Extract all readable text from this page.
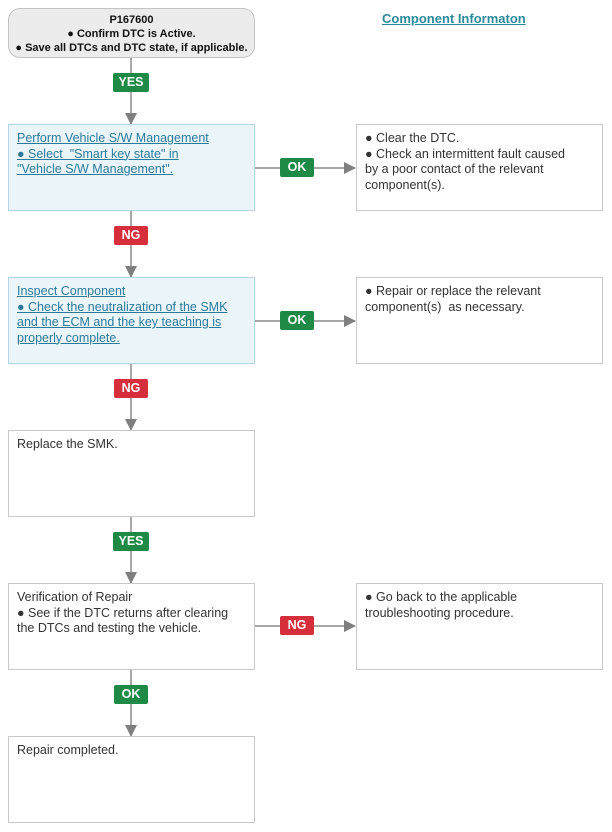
P167600
● Confirm DTC is Active.
● Save all DTCs and DTC state, if applicable.
Component Informaton
Perform Vehicle S/W Management
● Select  "Smart key state" in
"Vehicle S/W Management".
● Clear the DTC.
● Check an intermittent fault caused
by a poor contact of the relevant
component(s).
Inspect Component
● Check the neutralization of the SMK
and the ECM and the key teaching is
properly complete.
● Repair or replace the relevant
component(s)  as necessary.
Replace the SMK.
Verification of Repair
● See if the DTC returns after clearing
the DTCs and testing the vehicle.
● Go back to the applicable
troubleshooting procedure.
Repair completed.
YES
OK
NG
OK
NG
YES
NG
OK
